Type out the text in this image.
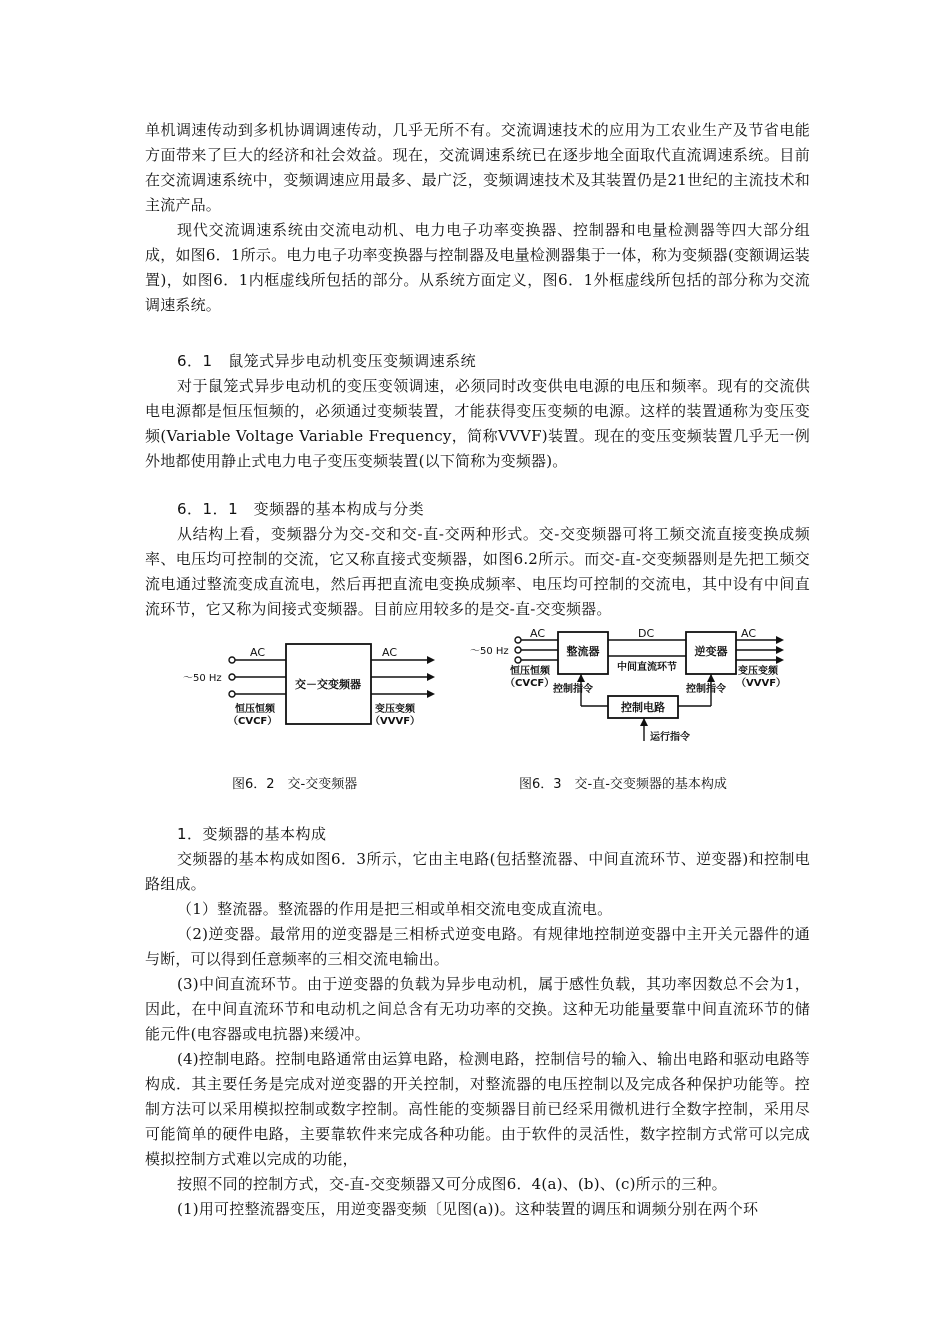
单机调速传动到多机协调调速传动，几乎无所不有。交流调速技术的应用为工农业生产及节省电能方面带来了巨大的经济和社会效益。现在，交流调速系统已在逐步地全面取代直流调速系统。目前在交流调速系统中，变频调速应用最多、最广泛，变频调速技术及其装置仍是21世纪的主流技术和主流产品。

现代交流调速系统由交流电动机、电力电子功率变换器、控制器和电量检测器等四大部分组成，如图6．1所示。电力电子功率变换器与控制器及电量检测器集于一体，称为变频器(变额调运装置)，如图6．1内框虚线所包括的部分。从系统方面定义，图6．1外框虚线所包括的部分称为交流调速系统。

6．1　鼠笼式异步电动机变压变频调速系统

对于鼠笼式异步电动机的变压变领调速，必须同时改变供电电源的电压和频率。现有的交流供电电源都是恒压恒频的，必须通过变频装置，才能获得变压变频的电源。这样的装置通称为变压变频(Variable Voltage Variable Frequency，简称VVVF)装置。现在的变压变频装置几乎无一例外地都使用静止式电力电子变压变频装置(以下简称为变频器)。

6．1．1　变频器的基本构成与分类

从结构上看，变频器分为交-交和交-直-交两种形式。交-交变频器可将工频交流直接变换成频率、电压均可控制的交流，它又称直接式变频器，如图6.2所示。而交-直-交变频器则是先把工频交流电通过整流变成直流电，然后再把直流电变换成频率、电压均可控制的交流电，其中设有中间直流环节，它又称为间接式变频器。目前应用较多的是交-直-交变频器。

AC
～50 Hz
恒压恒频
（CVCF）
交－交变频器
AC
变压变频
（VVVF）
AC
～50 Hz
恒压恒频
（CVCF）
整流器
DC
中间直流环节
逆变器
AC
变压变频
（VVVF）
控制指令	控制指令
控制电路
运行指令
图6．2　交-交变频器	图6．3　交-直-交变频器的基本构成

1．变频器的基本构成

交频器的基本构成如图6．3所示，它由主电路(包括整流器、中间直流环节、逆变器)和控制电路组成。

（1）整流器。整流器的作用是把三相或单相交流电变成直流电。

（2)逆变器。最常用的逆变器是三相桥式逆变电路。有规律地控制逆变器中主开关元器件的通与断，可以得到任意频率的三相交流电输出。

(3)中间直流环节。由于逆变器的负载为异步电动机，属于感性负载，其功率因数总不会为1，因此，在中间直流环节和电动机之间总含有无功功率的交换。这种无功能量要靠中间直流环节的储能元件(电容器或电抗器)来缓冲。

(4)控制电路。控制电路通常由运算电路，检测电路，控制信号的输入、输出电路和驱动电路等构成．其主要任务是完成对逆变器的开关控制，对整流器的电压控制以及完成各种保护功能等。控制方法可以采用模拟控制或数字控制。高性能的变频器目前已经采用微机进行全数字控制，采用尽可能简单的硬件电路，主要靠软件来完成各种功能。由于软件的灵活性，数字控制方式常可以完成模拟控制方式难以完成的功能，

按照不同的控制方式，交-直-交变频器又可分成图6．4(a)、(b)、(c)所示的三种。

(1)用可控整流器变压，用逆变器变频〔见图(a))。这种装置的调压和调频分别在两个环
